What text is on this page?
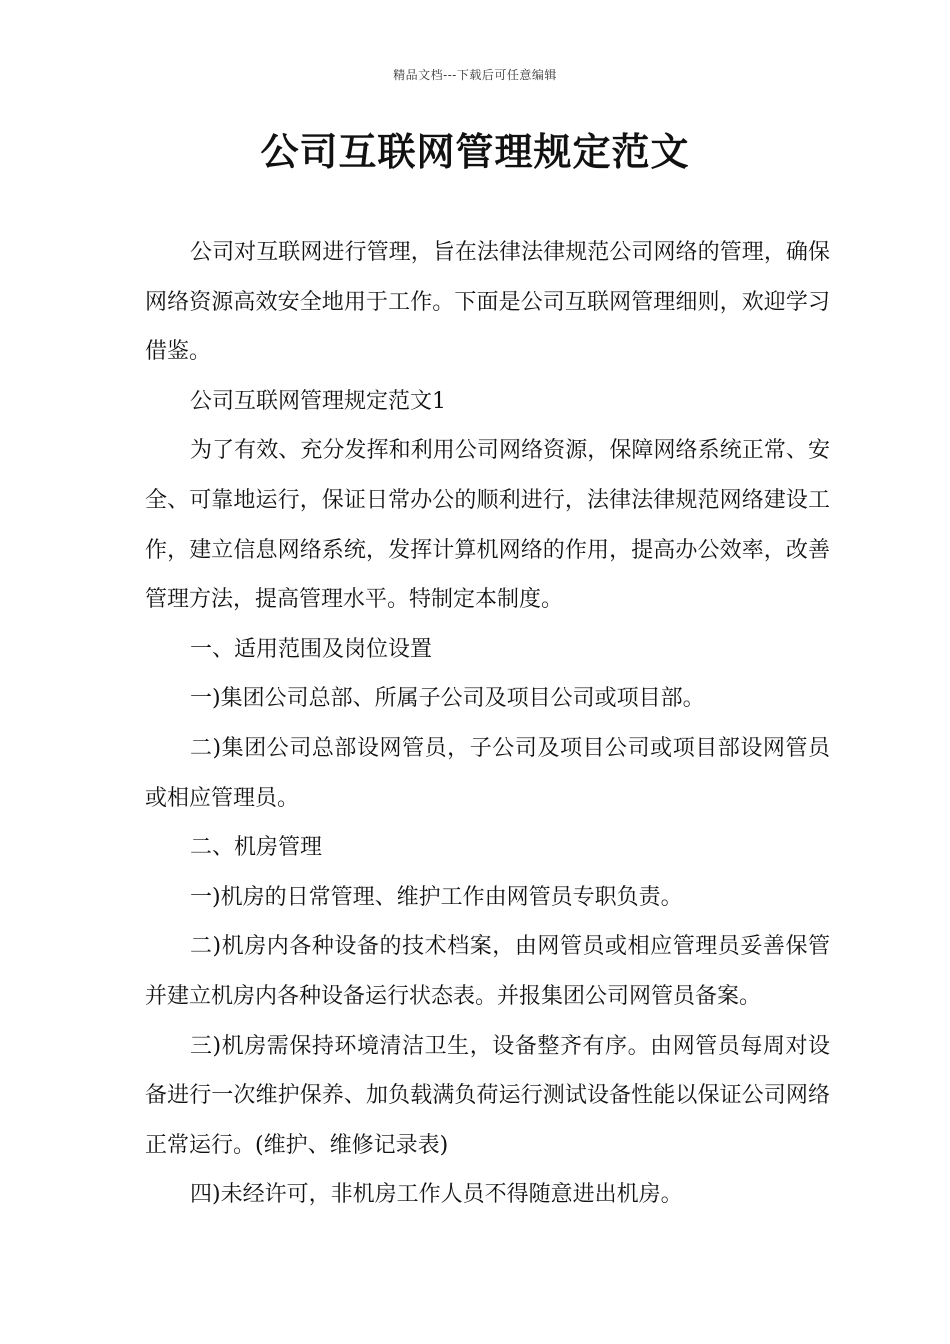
精品文档---下载后可任意编辑
公司互联网管理规定范文

公司对互联网进行管理，旨在法律法律规范公司网络的管理，确保网络资源高效安全地用于工作。下面是公司互联网管理细则，欢迎学习借鉴。

公司互联网管理规定范文1

为了有效、充分发挥和利用公司网络资源，保障网络系统正常、安全、可靠地运行，保证日常办公的顺利进行，法律法律规范网络建设工作，建立信息网络系统，发挥计算机网络的作用，提高办公效率，改善管理方法，提高管理水平。特制定本制度。

一、适用范围及岗位设置

一)集团公司总部、所属子公司及项目公司或项目部。

二)集团公司总部设网管员，子公司及项目公司或项目部设网管员或相应管理员。

二、机房管理

一)机房的日常管理、维护工作由网管员专职负责。

二)机房内各种设备的技术档案，由网管员或相应管理员妥善保管并建立机房内各种设备运行状态表。并报集团公司网管员备案。

三)机房需保持环境清洁卫生，设备整齐有序。由网管员每周对设备进行一次维护保养、加负载满负荷运行测试设备性能以保证公司网络正常运行。(维护、维修记录表)

四)未经许可，非机房工作人员不得随意进出机房。
